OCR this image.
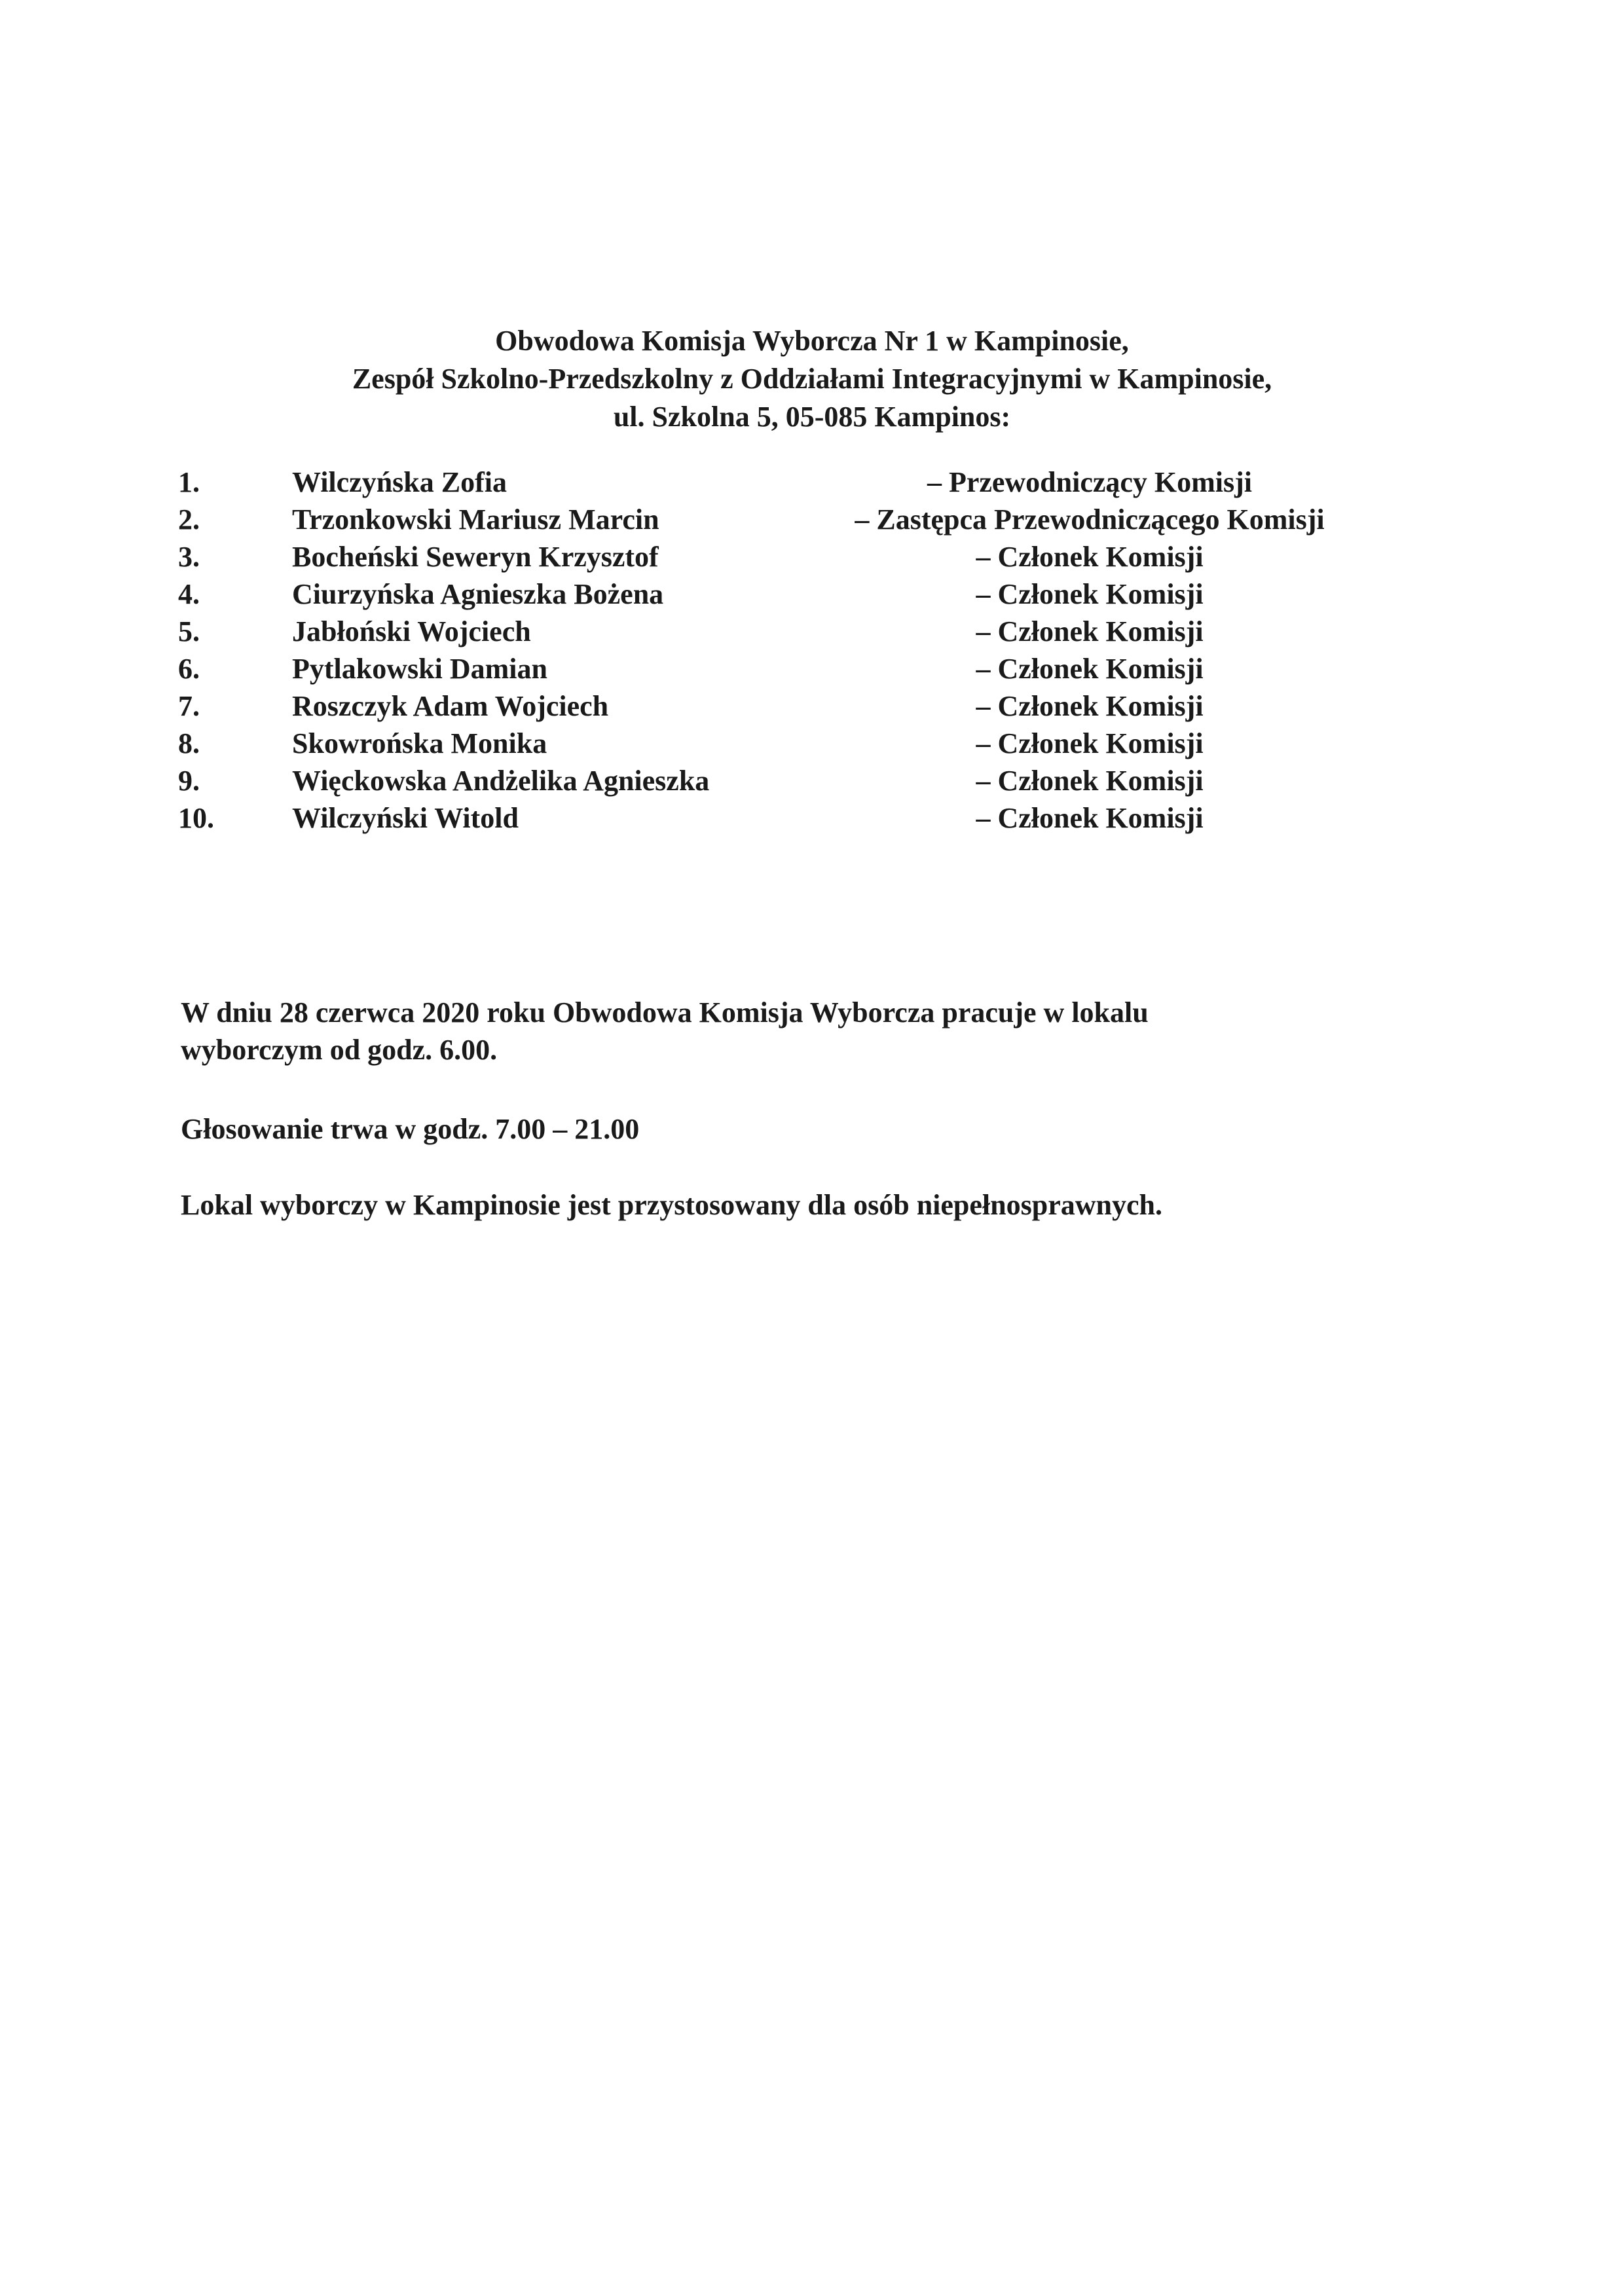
Obwodowa Komisja Wyborcza Nr 1 w Kampinosie,
Zespół Szkolno-Przedszkolny z Oddziałami Integracyjnymi w Kampinosie,
ul. Szkolna 5, 05-085 Kampinos:
1.	Wilczyńska Zofia	– Przewodniczący Komisji
2.	Trzonkowski Mariusz Marcin	– Zastępca Przewodniczącego Komisji
3.	Bocheński Seweryn Krzysztof	– Członek Komisji
4.	Ciurzyńska Agnieszka Bożena	– Członek Komisji
5.	Jabłoński Wojciech	– Członek Komisji
6.	Pytlakowski Damian	– Członek Komisji
7.	Roszczyk Adam Wojciech	– Członek Komisji
8.	Skowrońska Monika	– Członek Komisji
9.	Więckowska Andżelika Agnieszka	– Członek Komisji
10.	Wilczyński Witold	– Członek Komisji
W dniu 28 czerwca 2020 roku Obwodowa Komisja Wyborcza pracuje w lokalu
wyborczym od godz. 6.00.
Głosowanie trwa w godz. 7.00 – 21.00
Lokal wyborczy w Kampinosie jest przystosowany dla osób niepełnosprawnych.
